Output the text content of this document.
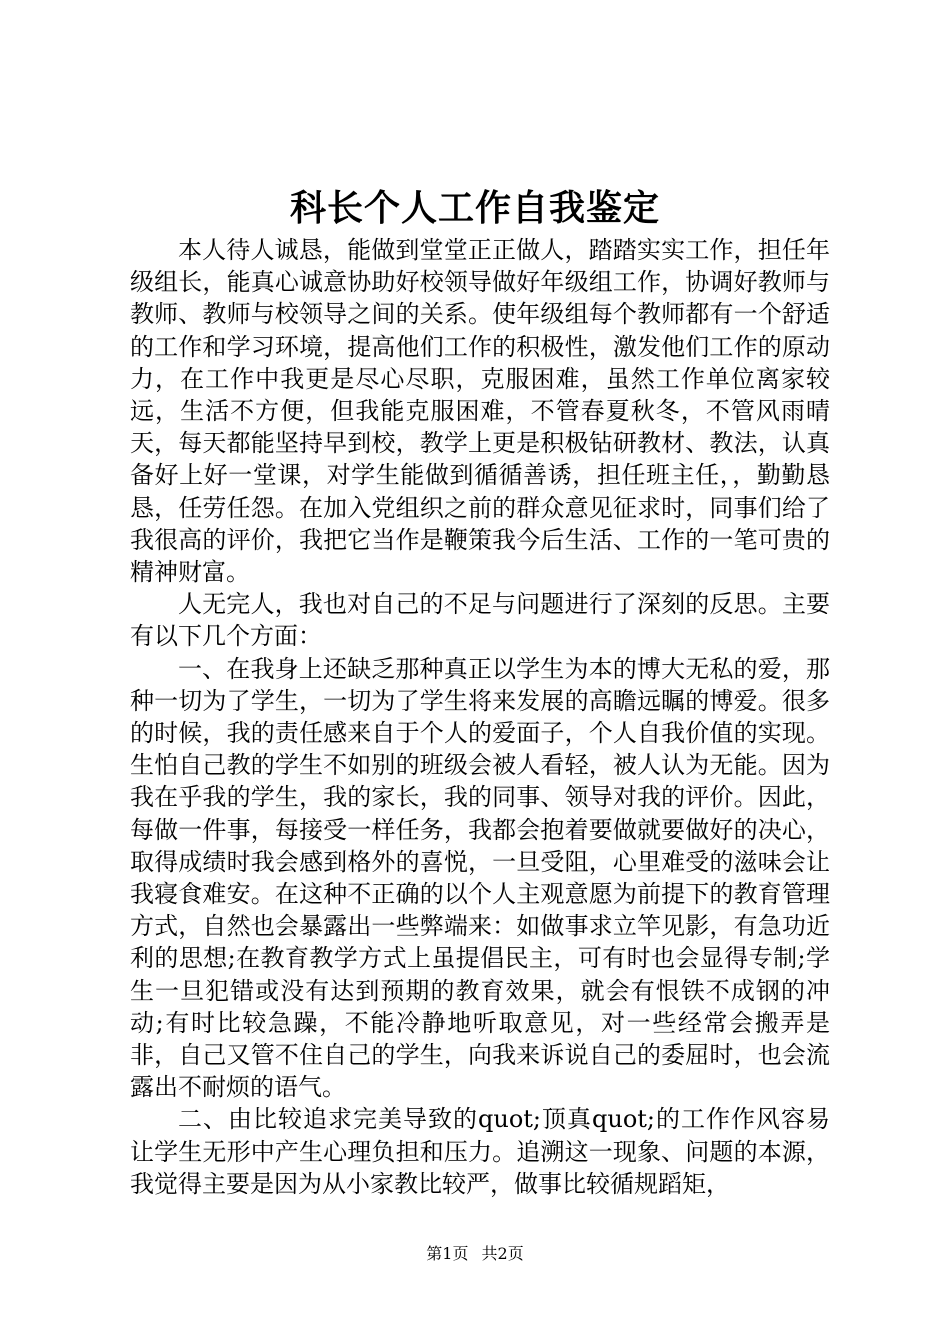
科长个人工作自我鉴定

本人待人诚恳，能做到堂堂正正做人，踏踏实实工作，担任年级组长，能真心诚意协助好校领导做好年级组工作，协调好教师与教师、教师与校领导之间的关系。使年级组每个教师都有一个舒适的工作和学习环境，提高他们工作的积极性，激发他们工作的原动力，在工作中我更是尽心尽职，克服困难，虽然工作单位离家较远，生活不方便，但我能克服困难，不管春夏秋冬，不管风雨晴天，每天都能坚持早到校，教学上更是积极钻研教材、教法，认真备好上好一堂课，对学生能做到循循善诱，担任班主任，，勤勤恳恳，任劳任怨。在加入党组织之前的群众意见征求时，同事们给了我很高的评价，我把它当作是鞭策我今后生活、工作的一笔可贵的精神财富。

人无完人，我也对自己的不足与问题进行了深刻的反思。主要有以下几个方面：

一、在我身上还缺乏那种真正以学生为本的博大无私的爱，那种一切为了学生，一切为了学生将来发展的高瞻远瞩的博爱。很多的时候，我的责任感来自于个人的爱面子，个人自我价值的实现。生怕自己教的学生不如别的班级会被人看轻，被人认为无能。因为我在乎我的学生，我的家长，我的同事、领导对我的评价。因此，每做一件事，每接受一样任务，我都会抱着要做就要做好的决心，取得成绩时我会感到格外的喜悦，一旦受阻，心里难受的滋味会让我寝食难安。在这种不正确的以个人主观意愿为前提下的教育管理方式，自然也会暴露出一些弊端来：如做事求立竿见影，有急功近利的思想;在教育教学方式上虽提倡民主，可有时也会显得专制;学生一旦犯错或没有达到预期的教育效果，就会有恨铁不成钢的冲动;有时比较急躁，不能冷静地听取意见，对一些经常会搬弄是非，自己又管不住自己的学生，向我来诉说自己的委屈时，也会流露出不耐烦的语气。

二、由比较追求完美导致的quot;顶真quot;的工作作风容易让学生无形中产生心理负担和压力。追溯这一现象、问题的本源，我觉得主要是因为从小家教比较严，做事比较循规蹈矩，

第1页 共2页
